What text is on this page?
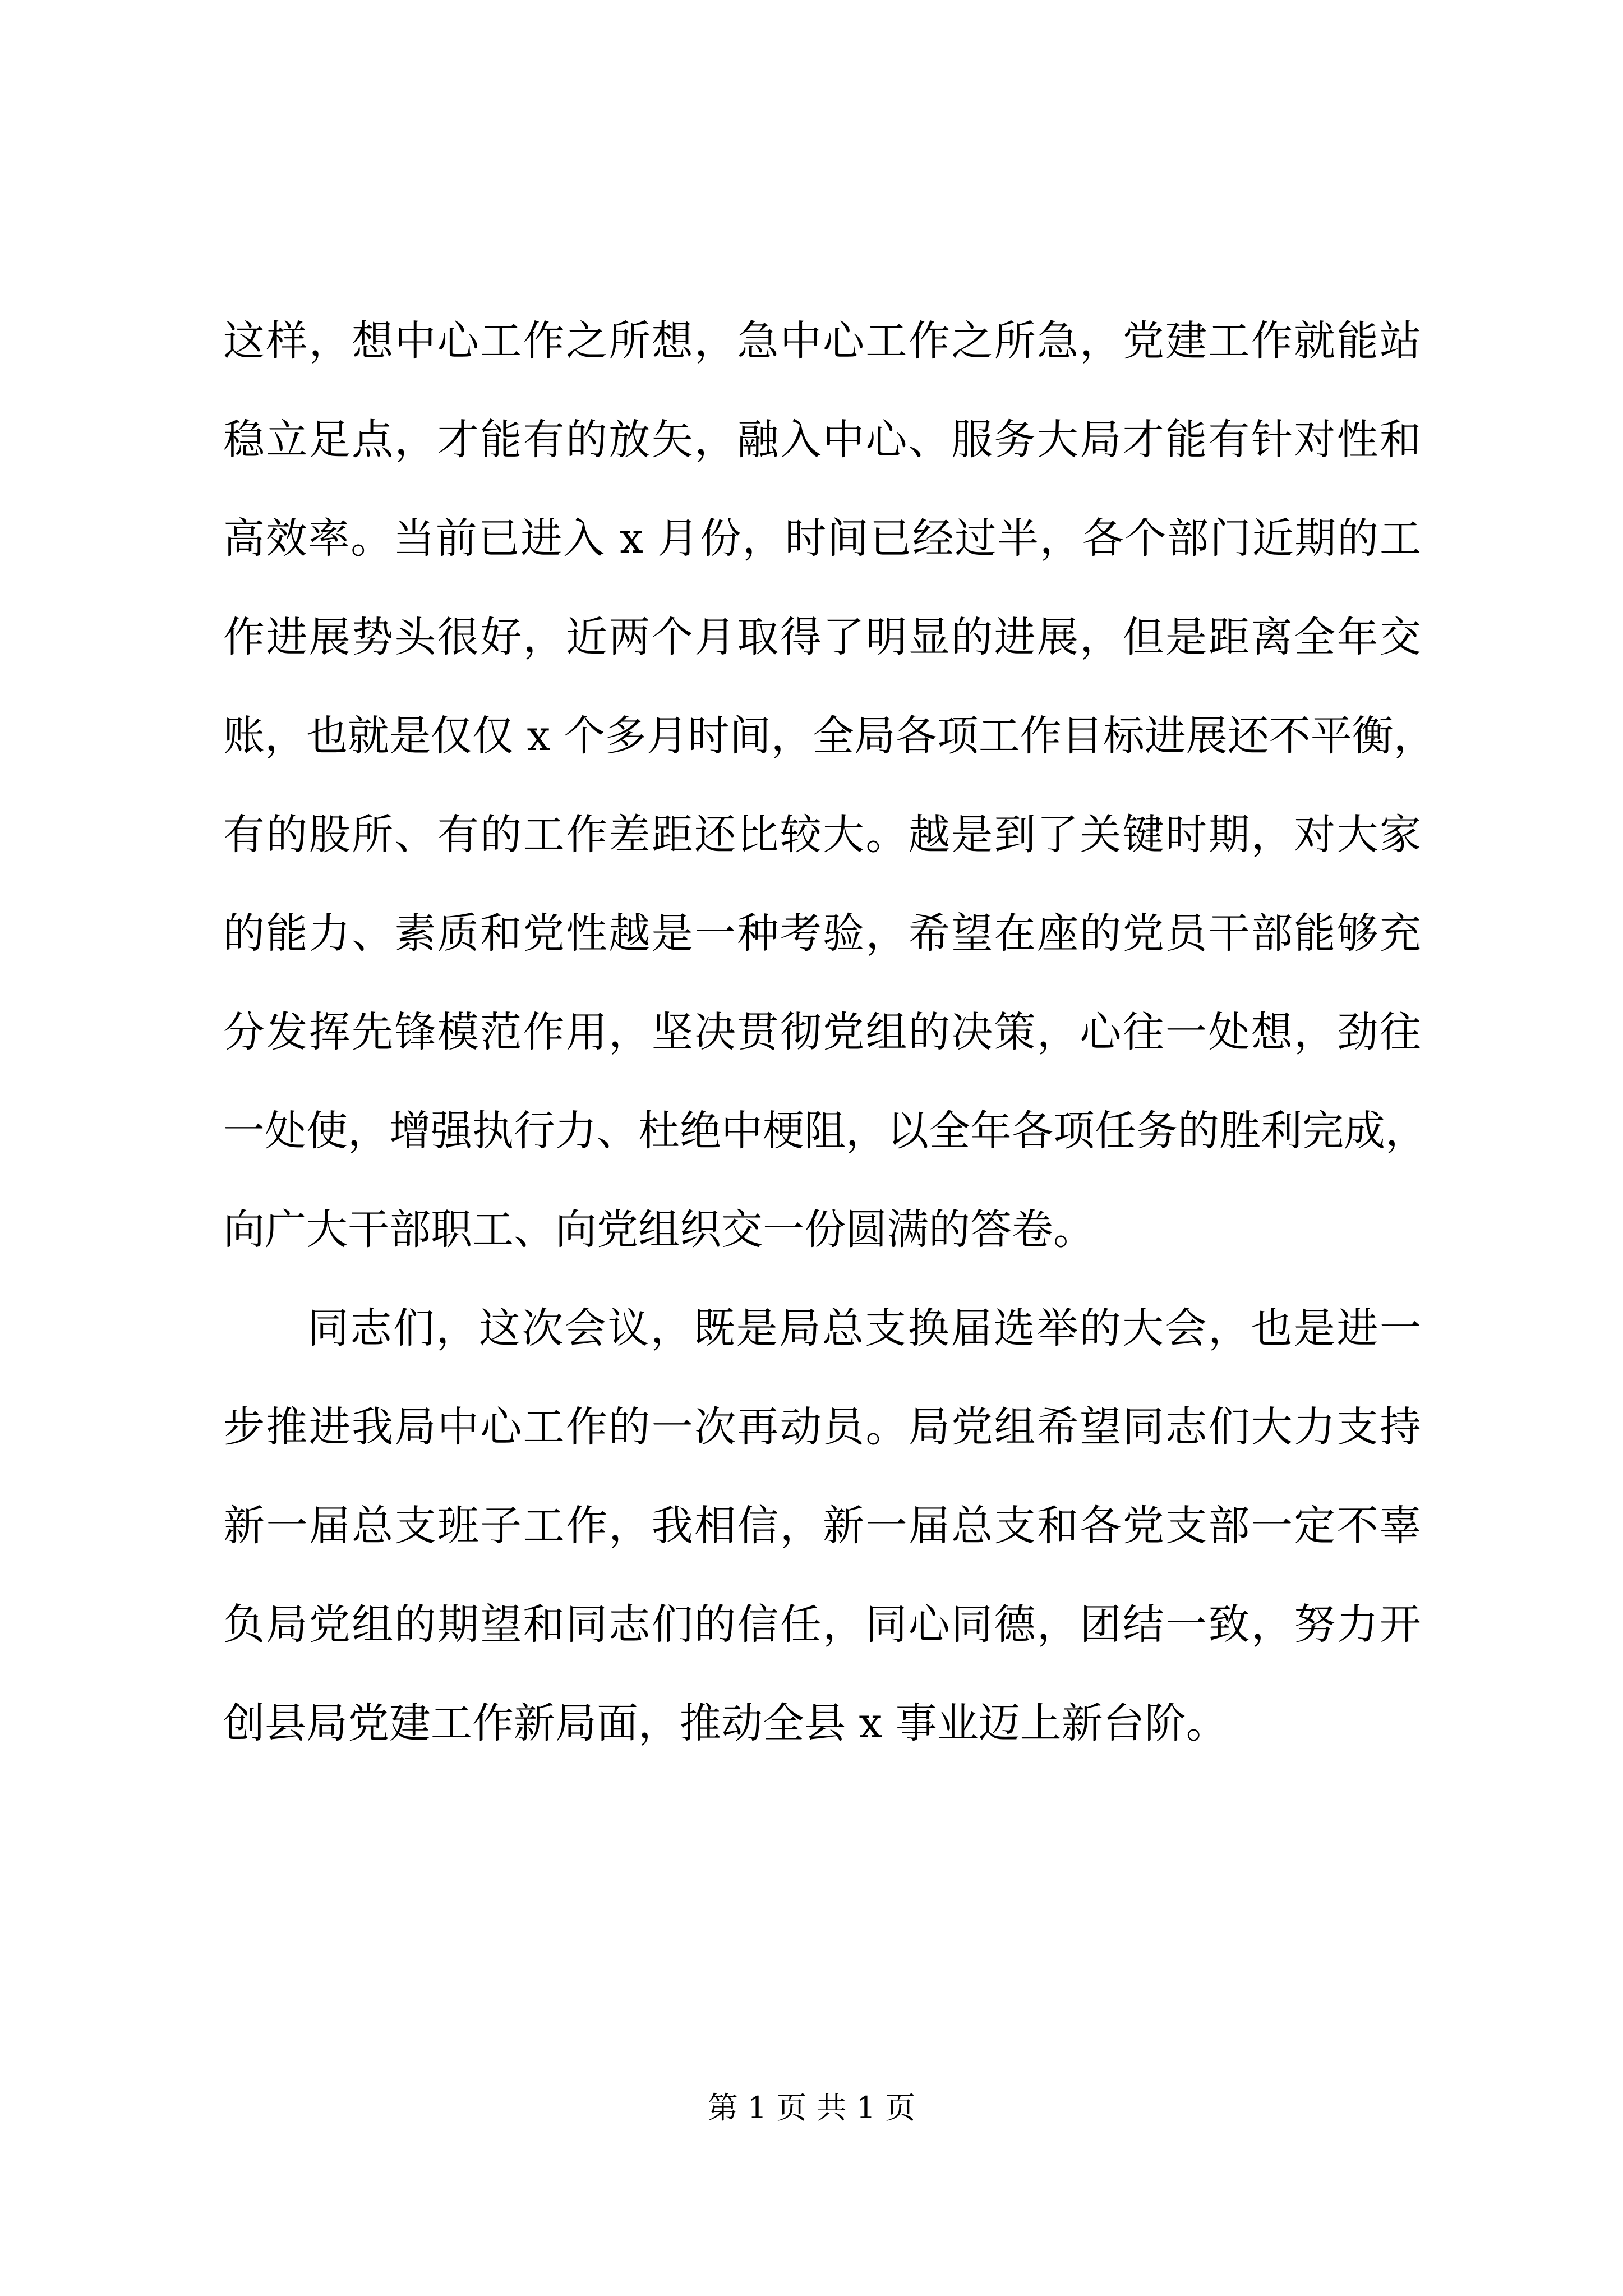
这样，想中心工作之所想，急中心工作之所急，党建工作就能站
稳立足点，才能有的放矢，融入中心、服务大局才能有针对性和
高效率。当前已进入 x 月份，时间已经过半，各个部门近期的工
作进展势头很好，近两个月取得了明显的进展，但是距离全年交
账，也就是仅仅 x 个多月时间，全局各项工作目标进展还不平衡，
有的股所、有的工作差距还比较大。越是到了关键时期，对大家
的能力、素质和党性越是一种考验，希望在座的党员干部能够充
分发挥先锋模范作用，坚决贯彻党组的决策，心往一处想，劲往
一处使，增强执行力、杜绝中梗阻，以全年各项任务的胜利完成，
向广大干部职工、向党组织交一份圆满的答卷。
同志们，这次会议，既是局总支换届选举的大会，也是进一
步推进我局中心工作的一次再动员。局党组希望同志们大力支持
新一届总支班子工作，我相信，新一届总支和各党支部一定不辜
负局党组的期望和同志们的信任，同心同德，团结一致，努力开
创县局党建工作新局面，推动全县 x 事业迈上新台阶。
第 1 页 共 1 页
